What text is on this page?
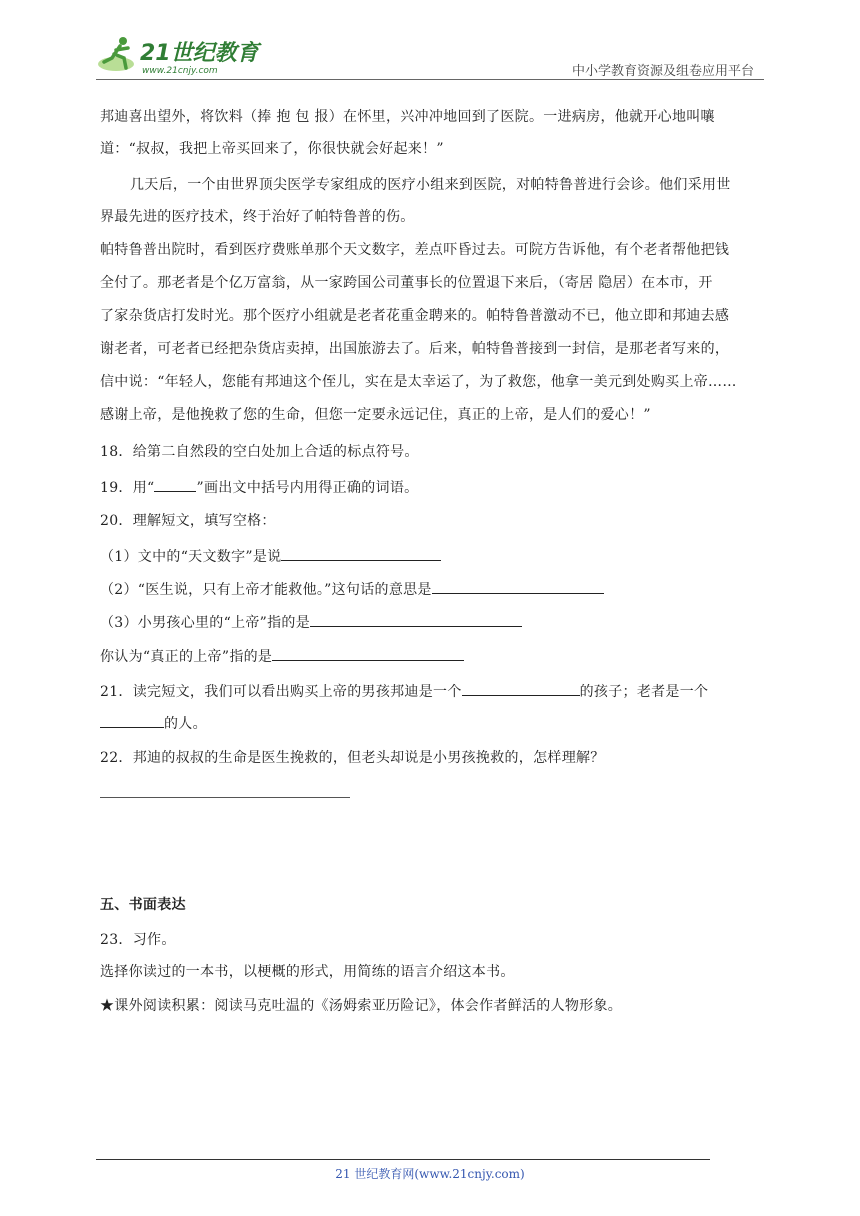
21世纪教育
www.21cnjy.com	中小学教育资源及组卷应用平台
邦迪喜出望外，将饮料（捧 抱 包 报）在怀里，兴冲冲地回到了医院。一进病房，他就开心地叫嚷
道：“叔叔，我把上帝买回来了，你很快就会好起来！”
几天后，一个由世界顶尖医学专家组成的医疗小组来到医院，对帕特鲁普进行会诊。他们采用世
界最先进的医疗技术，终于治好了帕特鲁普的伤。
帕特鲁普出院时，看到医疗费账单那个天文数字，差点吓昏过去。可院方告诉他，有个老者帮他把钱
全付了。那老者是个亿万富翁，从一家跨国公司董事长的位置退下来后，（寄居 隐居）在本市，开
了家杂货店打发时光。那个医疗小组就是老者花重金聘来的。帕特鲁普激动不已，他立即和邦迪去感
谢老者，可老者已经把杂货店卖掉，出国旅游去了。后来，帕特鲁普接到一封信，是那老者写来的，
信中说：“年轻人，您能有邦迪这个侄儿，实在是太幸运了，为了救您，他拿一美元到处购买上帝……
感谢上帝，是他挽救了您的生命，但您一定要永远记住，真正的上帝，是人们的爱心！”
18．给第二自然段的空白处加上合适的标点符号。
19．用“	”画出文中括号内用得正确的词语。
20．理解短文，填写空格：
（1）文中的“天文数字”是说
（2）“医生说，只有上帝才能救他。”这句话的意思是
（3）小男孩心里的“上帝”指的是
你认为“真正的上帝”指的是
21．读完短文，我们可以看出购买上帝的男孩邦迪是一个	的孩子；老者是一个
的人。
22．邦迪的叔叔的生命是医生挽救的，但老头却说是小男孩挽救的，怎样理解？
五、书面表达
23．习作。
选择你读过的一本书，以梗概的形式，用简练的语言介绍这本书。
★课外阅读积累：阅读马克吐温的《汤姆索亚历险记》，体会作者鲜活的人物形象。
21 世纪教育网(www.21cnjy.com)
